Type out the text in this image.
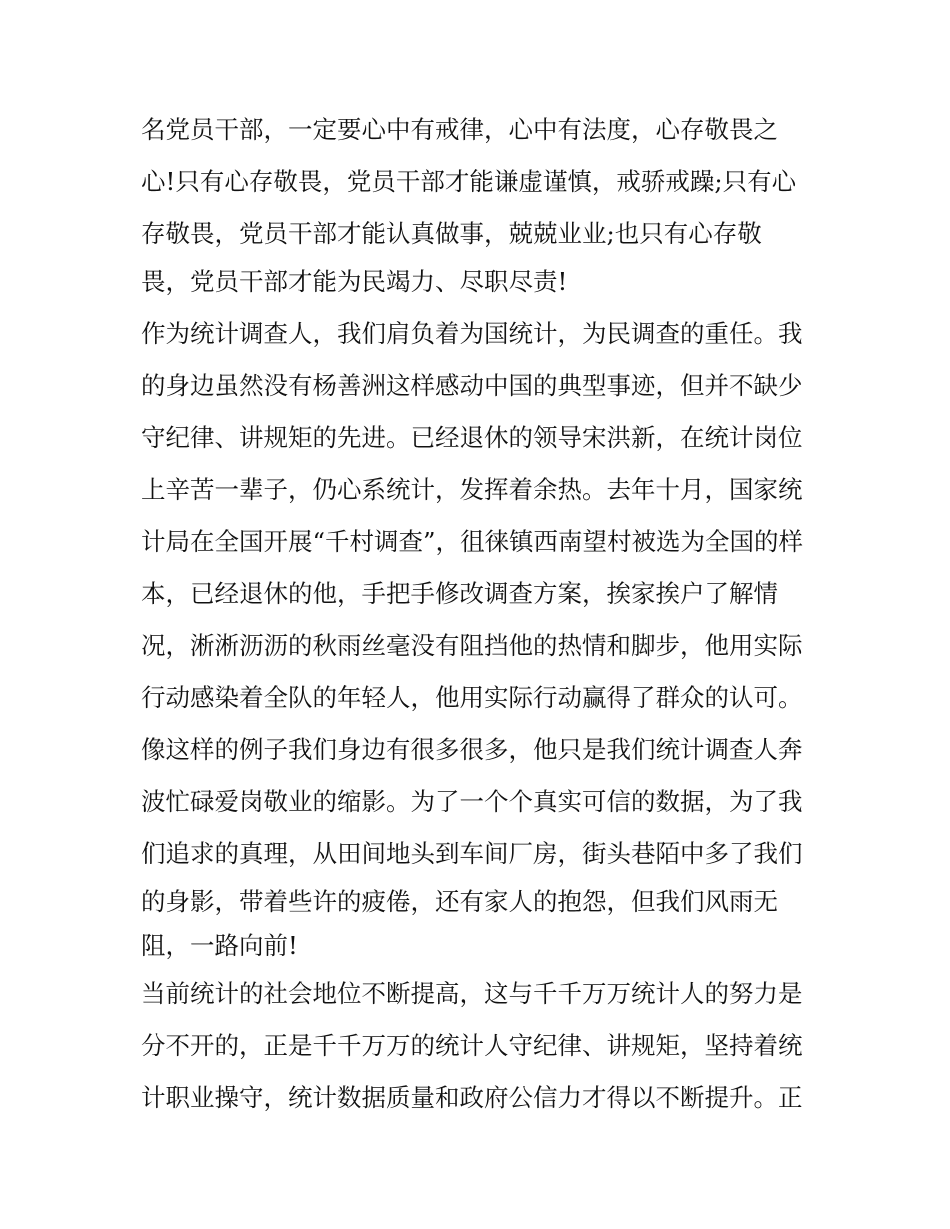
名党员干部，一定要心中有戒律，心中有法度，心存敬畏之

心!只有心存敬畏，党员干部才能谦虚谨慎，戒骄戒躁;只有心

存敬畏，党员干部才能认真做事，兢兢业业;也只有心存敬

畏，党员干部才能为民竭力、尽职尽责!

作为统计调查人，我们肩负着为国统计，为民调查的重任。我

的身边虽然没有杨善洲这样感动中国的典型事迹，但并不缺少

守纪律、讲规矩的先进。已经退休的领导宋洪新，在统计岗位

上辛苦一辈子，仍心系统计，发挥着余热。去年十月，国家统

计局在全国开展“千村调查”，徂徕镇西南望村被选为全国的样

本，已经退休的他，手把手修改调查方案，挨家挨户了解情

况，淅淅沥沥的秋雨丝毫没有阻挡他的热情和脚步，他用实际

行动感染着全队的年轻人，他用实际行动赢得了群众的认可。

像这样的例子我们身边有很多很多，他只是我们统计调查人奔

波忙碌爱岗敬业的缩影。为了一个个真实可信的数据，为了我

们追求的真理，从田间地头到车间厂房，街头巷陌中多了我们

的身影，带着些许的疲倦，还有家人的抱怨，但我们风雨无

阻，一路向前!

当前统计的社会地位不断提高，这与千千万万统计人的努力是

分不开的，正是千千万万的统计人守纪律、讲规矩，坚持着统

计职业操守，统计数据质量和政府公信力才得以不断提升。正
